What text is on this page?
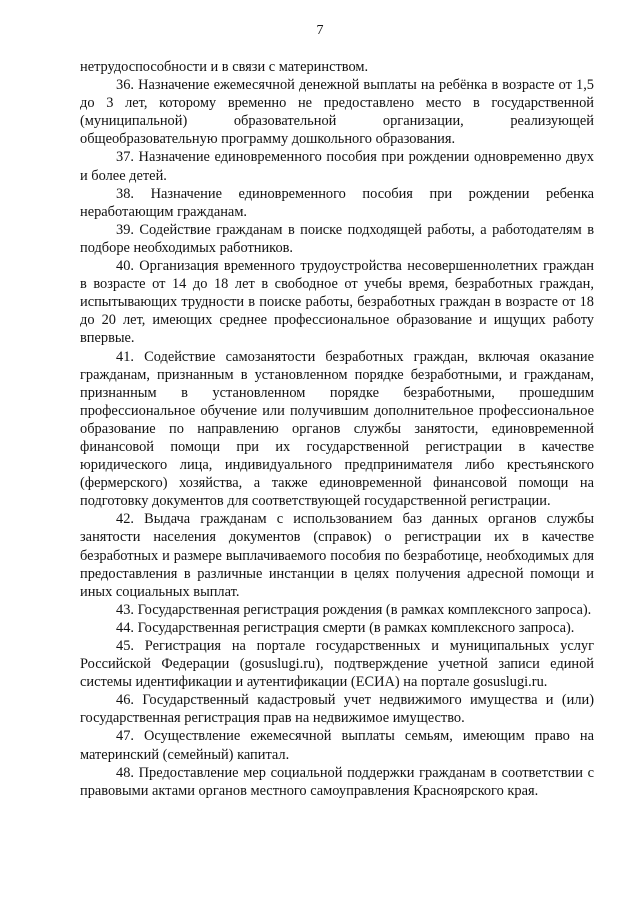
7

нетрудоспособности и в связи с материнством.

36. Назначение ежемесячной денежной выплаты на ребёнка в возрасте от 1,5 до 3 лет, которому временно не предоставлено место в государственной (муниципальной) образовательной организации, реализующей общеобразовательную программу дошкольного образования.

37. Назначение единовременного пособия при рождении одновременно двух и более детей.

38. Назначение единовременного пособия при рождении ребенка неработающим гражданам.

39. Содействие гражданам в поиске подходящей работы, а работодателям в подборе необходимых работников.

40. Организация временного трудоустройства несовершеннолетних граждан в возрасте от 14 до 18 лет в свободное от учебы время, безработных граждан, испытывающих трудности в поиске работы, безработных граждан в возрасте от 18 до 20 лет, имеющих среднее профессиональное образование и ищущих работу впервые.

41. Содействие самозанятости безработных граждан, включая оказание гражданам, признанным в установленном порядке безработными, и гражданам, признанным в установленном порядке безработными, прошедшим профессиональное обучение или получившим дополнительное профессиональное образование по направлению органов службы занятости, единовременной финансовой помощи при их государственной регистрации в качестве юридического лица, индивидуального предпринимателя либо крестьянского (фермерского) хозяйства, а также единовременной финансовой помощи на подготовку документов для соответствующей государственной регистрации.

42. Выдача гражданам с использованием баз данных органов службы занятости населения документов (справок) о регистрации их в качестве безработных и размере выплачиваемого пособия по безработице, необходимых для предоставления в различные инстанции в целях получения адресной помощи и иных социальных выплат.

43. Государственная регистрация рождения (в рамках комплексного запроса).

44. Государственная регистрация смерти (в рамках комплексного запроса).

45. Регистрация на портале государственных и муниципальных услуг Российской Федерации (gosuslugi.ru), подтверждение учетной записи единой системы идентификации и аутентификации (ЕСИА) на портале gosuslugi.ru.

46. Государственный кадастровый учет недвижимого имущества и (или) государственная регистрация прав на недвижимое имущество.

47. Осуществление ежемесячной выплаты семьям, имеющим право на материнский (семейный) капитал.

48. Предоставление мер социальной поддержки гражданам в соответствии с правовыми актами органов местного самоуправления Красноярского края.
